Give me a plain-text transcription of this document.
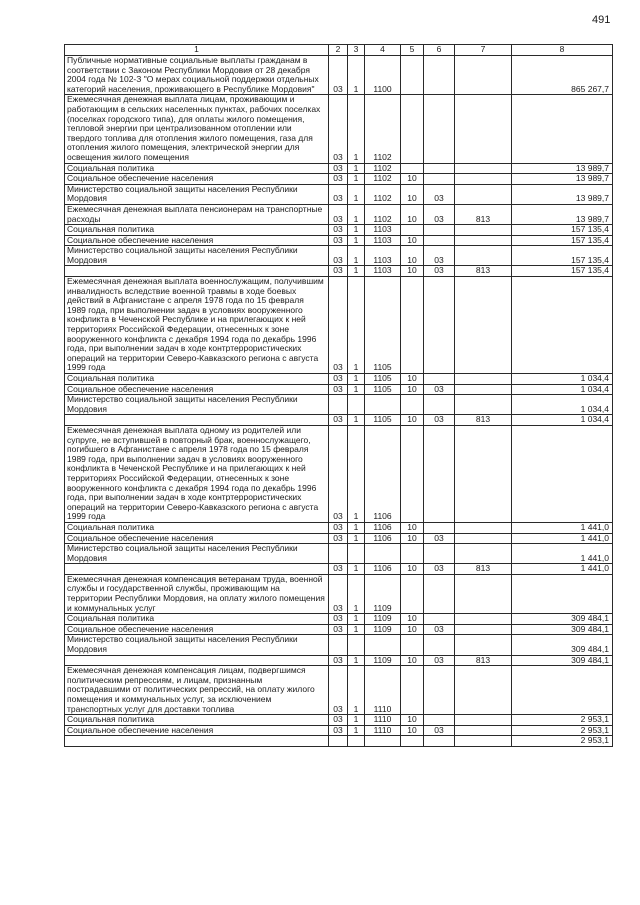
491
1	2	3	4	5	6	7	8
Публичные нормативные социальные выплаты гражданам в соответствии с Законом Республики Мордовия от 28 декабря 2004 года № 102-З "О мерах социальной поддержки отдельных категорий населения, проживающего в Республике Мордовия"	03	1	1100				865 267,7
Ежемесячная денежная выплата лицам, проживающим и работающим в сельских населенных пунктах, рабочих поселках (поселках городского типа), для оплаты жилого помещения, тепловой энергии при централизованном отоплении или твердого топлива для отопления жилого помещения, газа для отопления жилого помещения, электрической энергии для освещения жилого помещения	03	1	1102				
Социальная политика	03	1	1102				13 989,7
Социальное обеспечение населения	03	1	1102	10			13 989,7
Министерство социальной защиты населения Республики Мордовия	03	1	1102	10	03		13 989,7
Ежемесячная денежная выплата пенсионерам на транспортные расходы	03	1	1102	10	03	813	13 989,7
Социальная политика	03	1	1103				157 135,4
Социальное обеспечение населения	03	1	1103	10			157 135,4
Министерство социальной защиты населения Республики Мордовия	03	1	1103	10	03		157 135,4
	03	1	1103	10	03	813	157 135,4
Ежемесячная денежная выплата военнослужащим, получившим инвалидность вследствие военной травмы в ходе боевых действий в Афганистане с апреля 1978 года по 15 февраля 1989 года, при выполнении задач в условиях вооруженного конфликта в Чеченской Республике и на прилегающих к ней территориях Российской Федерации, отнесенных к зоне вооруженного конфликта с декабря 1994 года по декабрь 1996 года, при выполнении задач в ходе контртеррористических операций на территории Северо-Кавказского региона с августа 1999 года	03	1	1105				
Социальная политика	03	1	1105	10			1 034,4
Социальное обеспечение населения	03	1	1105	10	03		1 034,4
Министерство социальной защиты населения Республики Мордовия							1 034,4
	03	1	1105	10	03	813	1 034,4
Ежемесячная денежная выплата одному из родителей или супруге, не вступившей в повторный брак, военнослужащего, погибшего в Афганистане с апреля 1978 года по 15 февраля 1989 года, при выполнении задач в условиях вооруженного конфликта в Чеченской Республике и на прилегающих к ней территориях Российской Федерации, отнесенных к зоне вооруженного конфликта с декабря 1994 года по декабрь 1996 года, при выполнении задач в ходе контртеррористических операций на территории Северо-Кавказского региона с августа 1999 года	03	1	1106				
Социальная политика	03	1	1106	10			1 441,0
Социальное обеспечение населения	03	1	1106	10	03		1 441,0
Министерство социальной защиты населения Республики Мордовия							1 441,0
	03	1	1106	10	03	813	1 441,0
Ежемесячная денежная компенсация ветеранам труда, военной службы и государственной службы, проживающим на территории Республики Мордовия, на оплату жилого помещения и коммунальных услуг	03	1	1109				
Социальная политика	03	1	1109	10			309 484,1
Социальное обеспечение населения	03	1	1109	10	03		309 484,1
Министерство социальной защиты населения Республики Мордовия							309 484,1
	03	1	1109	10	03	813	309 484,1
Ежемесячная денежная компенсация лицам, подвергшимся политическим репрессиям, и лицам, признанным пострадавшими от политических репрессий, на оплату жилого помещения и коммунальных услуг, за исключением транспортных услуг для доставки топлива	03	1	1110				
Социальная политика	03	1	1110	10			2 953,1
Социальное обеспечение населения	03	1	1110	10	03		2 953,1
							2 953,1
